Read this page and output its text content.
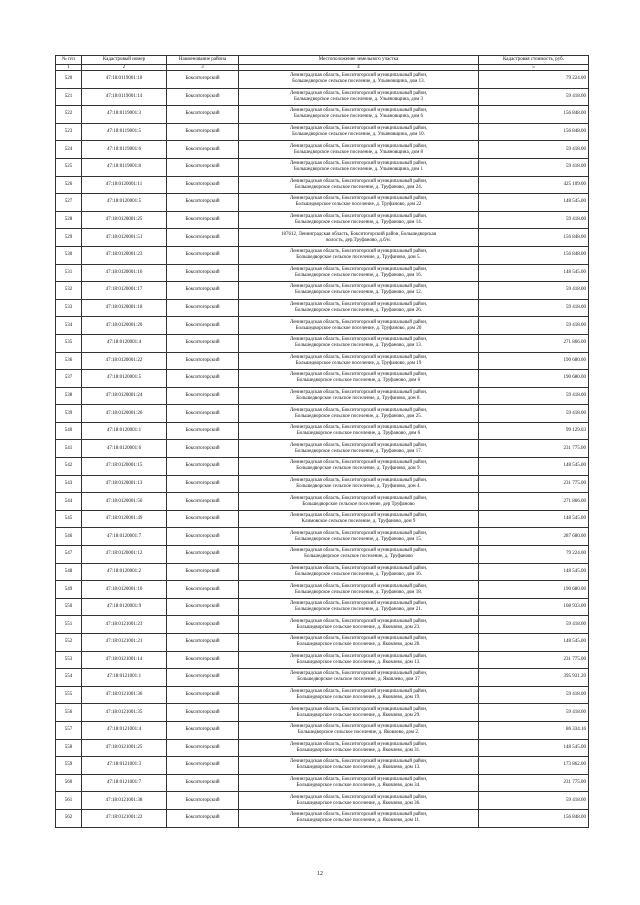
№ п/п	Кадастровый номер	Наименование района	Местоположение земельного участка	Кадастровая стоимость, руб.
1	2	3	4	5
520	47:18:0119001:10	Бокситогорский	Ленинградская область, Бокситогорский муниципальный район,
Большедворское сельское поселение, д. Ульяновщина, дом 13.	79 224.00
521	47:18:0119001:14	Бокситогорский	Ленинградская область, Бокситогорский муниципальный район,
Большедворское сельское поселение, д. Ульяновщина, дом 3	59 418.00
522	47:18:0119001:3	Бокситогорский	Ленинградская область, Бокситогорский муниципальный район,
Большедворское сельское поселение, д. Ульяновщина, дом 6	156 848.00
523	47:18:0119001:5	Бокситогорский	Ленинградская область, Бокситогорский муниципальный район,
Большедворское сельское поселение, д. Ульяновщина, дом 10.	156 848.00
524	47:18:0119001:6	Бокситогорский	Ленинградская область, Бокситогорский муниципальный район,
Большедворское сельское поселение, д. Ульяновщина, дом 8	59 418.00
525	47:18:0119001:8	Бокситогорский	Ленинградская область, Бокситогорский муниципальный район,
Большедворское сельское поселение, д. Ульяновщина, дом 1	59 418.00
526	47:18:0120001:11	Бокситогорский	Ленинградская область, Бокситогорский муниципальный район,
Большедворское сельское поселение, д. Труфаново, дом 24.	425 109.00
527	47:18:0120001:5	Бокситогорский	Ленинградская область, Бокситогорский муниципальный район,
Большедворское сельское поселение, д. Труфаново, дом 22	148 545.00
528	47:18:0120001:25	Бокситогорский	Ленинградская область, Бокситогорский муниципальный район,
Большедворское сельское поселение, д. Труфаново, дом 14.	59 418.00
529	47:18:0120001:51	Бокситогорский	187612, Ленинградская область, Бокситогорский район, Большедворская
волость, дер.Труфаново, д.б/н.	156 848.00
530	47:18:0120001:23	Бокситогорский	Ленинградская область, Бокситогорский муниципальный район,
Большедворское сельское поселение, д. Труфаново, дом 5.	156 848.00
531	47:18:0120001:16	Бокситогорский	Ленинградская область, Бокситогорский муниципальный район,
Большедворское сельское поселение, д. Труфаново, дом 16.	148 545.00
532	47:18:0120001:17	Бокситогорский	Ленинградская область, Бокситогорский муниципальный район,
Большедворское сельское поселение, д. Труфаново, дом 12.	59 418.00
533	47:18:0120001:18	Бокситогорский	Ленинградская область, Бокситогорский муниципальный район,
Большедворское сельское поселение, д. Труфаново, дом 26.	59 418.00
534	47:18:0120001:20	Бокситогорский	Ленинградская область, Бокситогорский муниципальный район,
Большедворское сельское поселение, д. Труфаново, дом 20	59 418.00
535	47:18:0120001:4	Бокситогорский	Ленинградская область, Бокситогорский муниципальный район,
Большедворское сельское поселение, д. Труфаново, дом 13.	271 866.00
536	47:18:0120001:22	Бокситогорский	Ленинградская область, Бокситогорский муниципальный район,
Большедворское сельское поселение, д. Труфаново, дом 19	190 680.00
537	47:18:0120001:5	Бокситогорский	Ленинградская область, Бокситогорский муниципальный район,
Большедворское сельское поселение, д. Труфаново, дом 6	190 680.00
538	47:18:0120001:24	Бокситогорский	Ленинградская область, Бокситогорский муниципальный район,
Большедворское сельское поселение, д. Труфаново, дом 8.	59 418.00
539	47:18:0120001:26	Бокситогорский	Ленинградская область, Бокситогорский муниципальный район,
Большедворское сельское поселение, д. Труфаново, дом 25.	59 418.00
540	47:18:0120001:1	Бокситогорский	Ленинградская область, Бокситогорский муниципальный район,
Большедворское сельское поселение, д. Труфаново, дом 6	99 129.03
541	47:18:0120001:6	Бокситогорский	Ленинградская область, Бокситогорский муниципальный район,
Большедворское сельское поселение, д. Труфаново, дом 17.	231 775.00
542	47:18:0120001:15	Бокситогорский	Ленинградская область, Бокситогорский муниципальный район,
Большедворское сельское поселение, д. Труфаново, дом 9.	148 545.00
543	47:18:0120001:13	Бокситогорский	Ленинградская область, Бокситогорский муниципальный район,
Большедворское сельское поселение, д. Труфаново, дом 4.	231 775.00
544	47:18:0120001:56	Бокситогорский	Ленинградская область, Бокситогорский муниципальный район,
Большедворское сельское поселение, дер Труфаново	271 866.00
545	47:18:0120001:49	Бокситогорский	Ленинградская область, Бокситогорский муниципальный район,
Климовское сельское поселение, д. Труфаново, дом 9	148 545.00
546	47:18:0120001:7	Бокситогорский	Ленинградская область, Бокситогорский муниципальный район,
Большедворское сельское поселение, д. Труфаново, дом 15.	287 680.00
547	47:18:0120001:12	Бокситогорский	Ленинградская область, Бокситогорский муниципальный район,
Большедворское сельское поселение, д. Труфаново	79 224.00
548	47:18:0120001:2	Бокситогорский	Ленинградская область, Бокситогорский муниципальный район,
Большедворское сельское поселение, д. Труфаново, дом 16.	148 545.00
549	47:18:0120001:10	Бокситогорский	Ленинградская область, Бокситогорский муниципальный район,
Большедворское сельское поселение, д. Труфаново, дом 18.	190 680.00
550	47:18:0120001:9	Бокситогорский	Ленинградская область, Бокситогорский муниципальный район,
Большедворское сельское поселение, д. Труфаново, дом 21.	108 933.00
551	47:18:0121001:23	Бокситогорский	Ленинградская область, Бокситогорский муниципальный район,
Большедворское сельское поселение, д. Яковлево, дом 23.	59 418.00
552	47:18:0121001:21	Бокситогорский	Ленинградская область, Бокситогорский муниципальный район,
Большедворское сельское поселение, д. Яковлево, дом 28.	148 545.00
553	47:18:0121001:14	Бокситогорский	Ленинградская область, Бокситогорский муниципальный район,
Большедворское сельское поселение, д. Яковлево, дом 13.	231 775.00
554	47:18:0121001:1	Бокситогорский	Ленинградская область, Бокситогорский муниципальный район,
Большедворское сельское поселение, д. Яковлево, дом 37	395 931.20
555	47:18:0121001:36	Бокситогорский	Ленинградская область, Бокситогорский муниципальный район,
Большедворское сельское поселение, д. Яковлево, дом 19.	59 418.00
556	47:18:0121001:35	Бокситогорский	Ленинградская область, Бокситогорский муниципальный район,
Большедворское сельское поселение, д. Яковлево, дом 29.	59 418.00
557	47:18:0121001:4	Бокситогорский	Ленинградская область, Бокситогорский муниципальный район,
Большедворское сельское поселение, д. Яковлево, дом 2.	86 334.16
558	47:18:0121001:25	Бокситогорский	Ленинградская область, Бокситогорский муниципальный район,
Большедворское сельское поселение, д. Яковлево, дом 31.	148 545.00
559	47:18:0121001:3	Бокситогорский	Ленинградская область, Бокситогорский муниципальный район,
Большедворское сельское поселение, д. Яковлево, дом 13.	173 862.00
560	47:18:0121001:7	Бокситогорский	Ленинградская область, Бокситогорский муниципальный район,
Большедворское сельское поселение, д. Яковлево, дом 34.	231 775.00
561	47:18:0121001:38	Бокситогорский	Ленинградская область, Бокситогорский муниципальный район,
Большедворское сельское поселение, д. Яковлево, дом 36.	59 418.00
562	47:18:0121001:22	Бокситогорский	Ленинградская область, Бокситогорский муниципальный район,
Большедворское сельское поселение, д. Яковлево, дом 11.	156 848.00
12
